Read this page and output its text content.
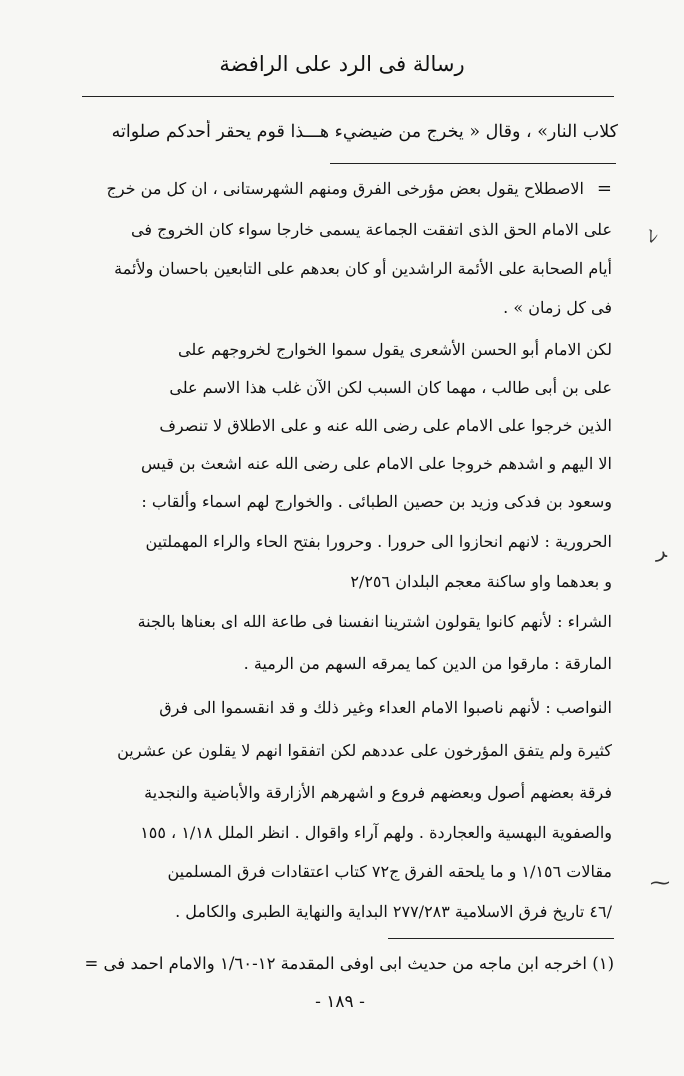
رسالة فى الرد على الرافضة
كلاب النار» ، وقال « يخرج من ضيضيء هـــذا قوم يحقر أحدكم صلواته
=
الاصطلاح يقول بعض مؤرخى الفرق ومنهم الشهرستانى ، ان كل من خرج
على الامام الحق الذى اتفقت الجماعة يسمى خارجا سواء كان الخروج فى
أيام الصحابة على الأئمة الراشدين أو كان بعدهم على التابعين باحسان ولأئمة
فى كل زمان » .
لكن الامام أبو الحسن الأشعرى يقول سموا الخوارج لخروجهم على
على بن أبى طالب ، مهما كان السبب لكن الآن غلب هذا الاسم على
الذين خرجوا على الامام على رضى الله عنه و على الاطلاق لا تنصرف
الا اليهم و اشدهم خروجا على الامام على رضى الله عنه اشعث بن قيس
وسعود بن فدكى وزيد بن حصين الطبائى . والخوارج لهم اسماء وألقاب :
الحرورية : لانهم انحازوا الى حرورا . وحرورا بفتح الحاء والراء المهملتين
و بعدهما واو ساكنة معجم البلدان ٢/٢٥٦
الشراء : لأنهم كانوا يقولون اشترينا انفسنا فى طاعة الله اى بعناها بالجنة
المارقة : مارقوا من الدين كما يمرقه السهم من الرمية .
النواصب : لأنهم ناصبوا الامام العداء وغير ذلك و قد انقسموا الى فرق
كثيرة ولم يتفق المؤرخون على عددهم لكن اتفقوا انهم لا يقلون عن عشرين
فرقة بعضهم أصول وبعضهم فروع و اشهرهم الأزارقة والأباضية والنجدية
والصفوية البهسية والعجاردة . ولهم آراء واقوال . انظر الملل ١/١٨ ، ١٥٥
مقالات ١/١٥٦ و ما يلحقه الفرق ج٧٢ كتاب اعتقادات فرق المسلمين
/٤٦ تاريخ فرق الاسلامية ٢٧٧/٢٨٣ البداية والنهاية الطبرى والكامل .
(١) اخرجه ابن ماجه من حديث ابى اوفى المقدمة ١٢-١/٦٠ والامام احمد فى =
- ١٨٩ -
ﾚ
ﺮ
⁓
